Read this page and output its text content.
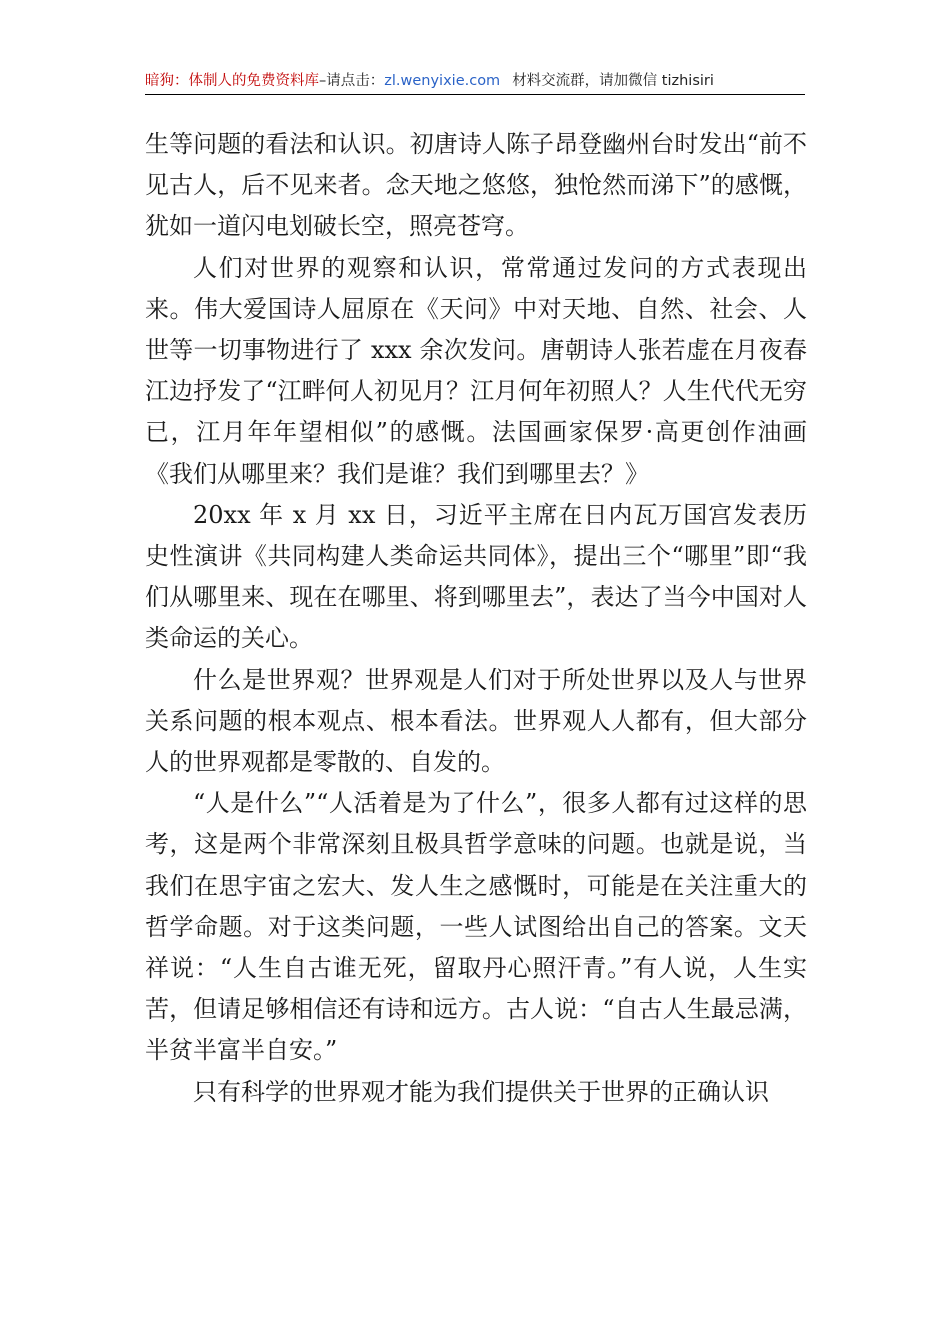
暗狗：体制人的免费资料库–请点击：zl.wenyixie.com 材料交流群，请加微信 tizhisiri

生等问题的看法和认识。初唐诗人陈子昂登幽州台时发出“前不见古人，后不见来者。念天地之悠悠，独怆然而涕下”的感慨，犹如一道闪电划破长空，照亮苍穹。

人们对世界的观察和认识，常常通过发问的方式表现出来。伟大爱国诗人屈原在《天问》中对天地、自然、社会、人世等一切事物进行了 xxx 余次发问。唐朝诗人张若虚在月夜春江边抒发了“江畔何人初见月？江月何年初照人？人生代代无穷已，江月年年望相似”的感慨。法国画家保罗·高更创作油画《我们从哪里来？我们是谁？我们到哪里去？》

20xx 年 x 月 xx 日，习近平主席在日内瓦万国宫发表历史性演讲《共同构建人类命运共同体》，提出三个“哪里”即“我们从哪里来、现在在哪里、将到哪里去”，表达了当今中国对人类命运的关心。

什么是世界观？世界观是人们对于所处世界以及人与世界关系问题的根本观点、根本看法。世界观人人都有，但大部分人的世界观都是零散的、自发的。

“人是什么”“人活着是为了什么”，很多人都有过这样的思考，这是两个非常深刻且极具哲学意味的问题。也就是说，当我们在思宇宙之宏大、发人生之感慨时，可能是在关注重大的哲学命题。对于这类问题，一些人试图给出自己的答案。文天祥说：“人生自古谁无死，留取丹心照汗青。”有人说，人生实苦，但请足够相信还有诗和远方。古人说：“自古人生最忌满，半贫半富半自安。”

只有科学的世界观才能为我们提供关于世界的正确认识
